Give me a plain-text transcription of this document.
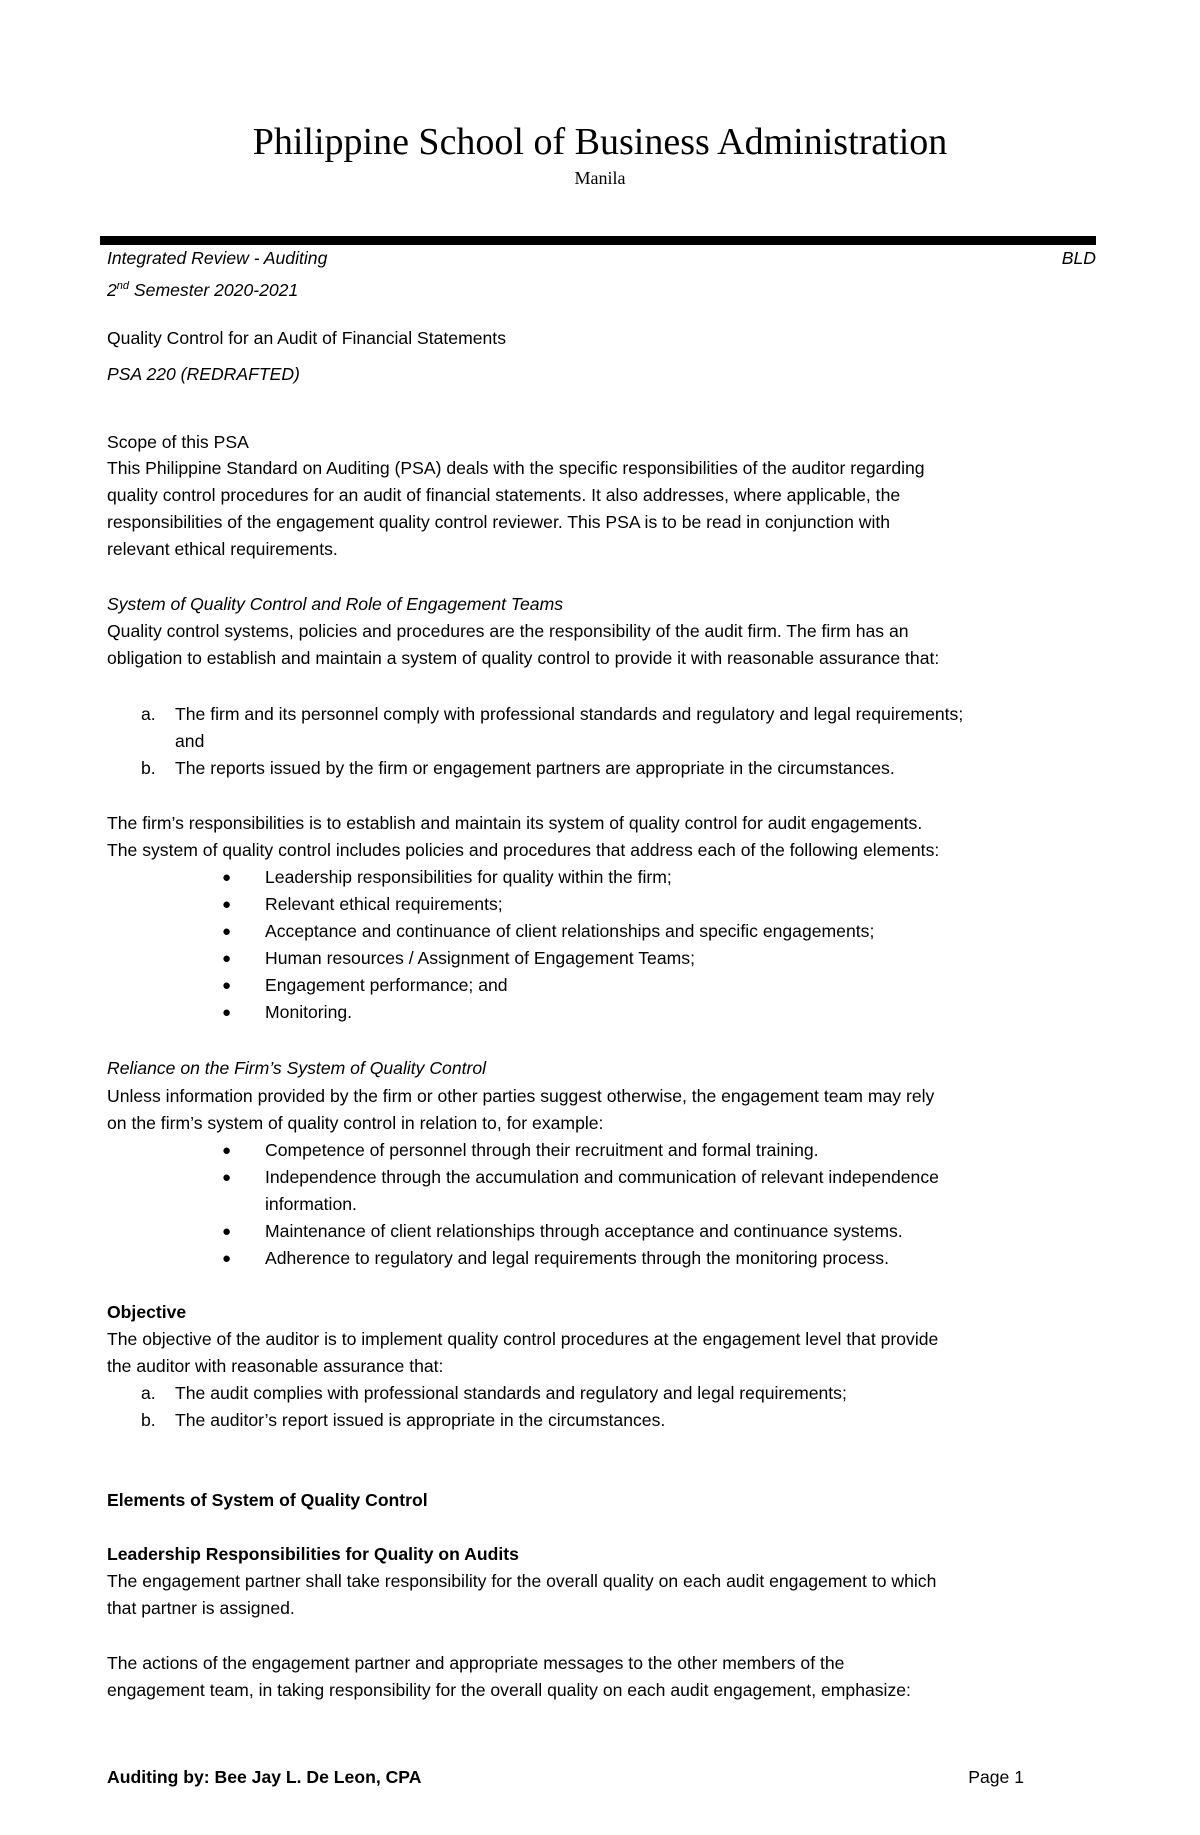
Philippine School of Business Administration
Manila
Integrated Review - Auditing	BLD
2nd Semester 2020-2021
Quality Control for an Audit of Financial Statements
PSA 220 (REDRAFTED)
Scope of this PSA
This Philippine Standard on Auditing (PSA) deals with the specific responsibilities of the auditor regarding
quality control procedures for an audit of financial statements. It also addresses, where applicable, the
responsibilities of the engagement quality control reviewer. This PSA is to be read in conjunction with
relevant ethical requirements.
System of Quality Control and Role of Engagement Teams
Quality control systems, policies and procedures are the responsibility of the audit firm. The firm has an
obligation to establish and maintain a system of quality control to provide it with reasonable assurance that:
a. The firm and its personnel comply with professional standards and regulatory and legal requirements;
and
b. The reports issued by the firm or engagement partners are appropriate in the circumstances.
The firm’s responsibilities is to establish and maintain its system of quality control for audit engagements.
The system of quality control includes policies and procedures that address each of the following elements:
● Leadership responsibilities for quality within the firm;
● Relevant ethical requirements;
● Acceptance and continuance of client relationships and specific engagements;
● Human resources / Assignment of Engagement Teams;
● Engagement performance; and
● Monitoring.
Reliance on the Firm’s System of Quality Control
Unless information provided by the firm or other parties suggest otherwise, the engagement team may rely
on the firm’s system of quality control in relation to, for example:
● Competence of personnel through their recruitment and formal training.
● Independence through the accumulation and communication of relevant independence
information.
● Maintenance of client relationships through acceptance and continuance systems.
● Adherence to regulatory and legal requirements through the monitoring process.
Objective
The objective of the auditor is to implement quality control procedures at the engagement level that provide
the auditor with reasonable assurance that:
a. The audit complies with professional standards and regulatory and legal requirements;
b. The auditor’s report issued is appropriate in the circumstances.
Elements of System of Quality Control
Leadership Responsibilities for Quality on Audits
The engagement partner shall take responsibility for the overall quality on each audit engagement to which
that partner is assigned.
The actions of the engagement partner and appropriate messages to the other members of the
engagement team, in taking responsibility for the overall quality on each audit engagement, emphasize:
Auditing by: Bee Jay L. De Leon, CPA	Page 1
